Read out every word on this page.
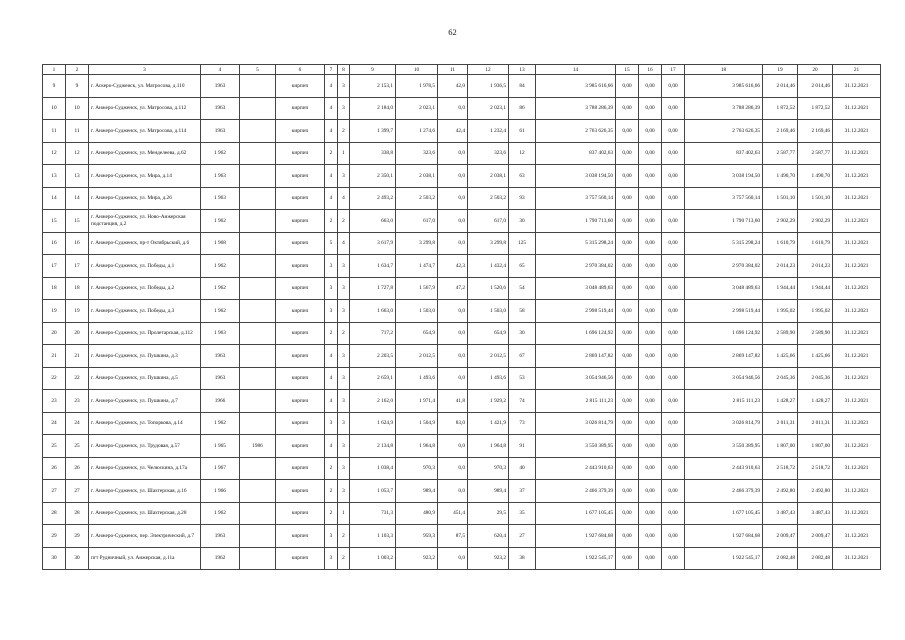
62
1	2	3	4	5	6	7	8	9	10	11	12	13	14	15	16	17	18	19	20	21
9	9	г. Аскеро-Суджеиск, ул. Матросова, д.110	1963		кирпич	4	3	2 153,1	1 978,5	42,0	1 936,5	84	3 985 616,66	0,00	0,00	0,00	3 985 616,66	2 014,46	2 014,46	31.12.2021
10	10	г. Анжеро-Судженск, ул. Матросова, д.112	1963		кирпич	4	3	2 184,0	2 023,1	0,0	2 023,1	86	3 788 286,39	0,00	0,00	0,00	3 788 286,39	1 872,52	1 872,52	31.12.2021
11	11	г. Анжеро-Судженск, ул. Матросова, д.114	1963		кирпич	4	2	1 399,7	1 274,6	42,4	1 232,4	61	2 763 626,35	0,00	0,00	0,00	2 763 626,35	2 169,46	2 169,46	31.12.2021
12	12	г. Анжеро-Судженск, ул. Менделеева, д.62	1 962		кирпич	2	1	338,8	323,6	0,0	323,6	12	837 402,63	0,00	0,00	0,00	837 402,63	2 587,77	2 587,77	31.12.2021
13	13	г. Анжеро-Судженск, ул. Мира, д.14	1 963		кирпич	4	3	2 350,1	2 038,1	0,0	2 038,1	63	3 038 194,50	0,00	0,00	0,00	3 038 194,50	1 490,70	1 490,70	31.12.2021
14	14	г. Анжеро-Судженск, ул. Мира, д.26	1 963		кирпич	4	4	2 493,2	2 503,2	0,0	2 503,2	93	3 757 560,14	0,00	0,00	0,00	3 757 560,14	1 501,10	1 501,10	31.12.2021
15	15	г. Анжеро-Судженск, ул. Ново-Анжерская подстанция, д.2	1 962		кирпич	2	2	663,0	617,0	0,0	617,0	30	1 790 713,60	0,00	0,00	0,00	1 790 713,60	2 902,29	2 902,29	31.12.2021
16	16	г. Анжеро-Судженск, пр-т Октябрьский, д.6	1 968		кирпич	5	4	3 617,9	3 299,8	0,0	3 299,8	125	5 315 298,24	0,00	0,00	0,00	5 315 298,24	1 610,79	1 610,79	31.12.2021
17	17	г. Анжеро-Судженск, ул. Победы, д.1	1 962		кирпич	3	3	1 634,7	1 474,7	42,3	1 432,4	65	2 970 384,02	0,00	0,00	0,00	2 970 384,02	2 014,23	2 014,23	31.12.2021
18	18	г. Анжеро-Судженск, ул. Победы, д.2	1 962		кирпич	3	3	1 727,8	1 567,9	47,2	1 520,6	54	3 048 489,63	0,00	0,00	0,00	3 048 489,63	1 944,44	1 944,44	31.12.2021
19	19	г. Анжеро-Судженск, ул. Победы, д.3	1 962		кирпич	3	3	1 663,0	1 503,0	0,0	1 503,0	58	2 998 519,44	0,00	0,00	0,00	2 998 519,44	1 995,02	1 995,02	31.12.2021
20	20	г. Анжеро-Судженск, ул. Пролетарская, д.112	1 963		кирпич	2	2	717,2	654,9	0,0	654,9	30	1 696 124,92	0,00	0,00	0,00	1 696 124,92	2 589,90	2 589,90	31.12.2021
21	21	г. Анжеро-Судженск, ул. Пушкина, д.3	1963		кирпич	4	3	2 203,5	2 012,5	0,0	2 012,5	67	2 869 147,82	0,00	0,00	0,00	2 869 147,82	1 425,66	1 425,66	31.12.2021
22	22	г. Анжеро-Судженск, ул. Пушкина, д.5	1963		кирпич	4	3	2 659,1	1 493,6	0,0	1 493,6	53	3 054 946,56	0,00	0,00	0,00	3 054 946,56	2 045,36	2 045,36	31.12.2021
23	23	г. Анжеро-Судженск, ул. Пушкина, д.7	1966		кирпич	4	3	2 162,0	1 971,4	41,8	1 929,2	74	2 815 111,23	0,00	0,00	0,00	2 815 111,23	1 428,27	1 428,27	31.12.2021
24	24	г. Анжеро-Судженск, ул. Топоркова, д.14	1 962		кирпич	3	3	1 624,9	1 504,9	83,0	1 421,9	73	3 026 814,79	0,00	0,00	0,00	3 026 814,79	2 011,31	2 011,31	31.12.2021
25	25	г. Анжеро-Судженск, ул. Трудовая, д.57	1 965	1986	кирпич	4	3	2 134,8	1 964,8	0,0	1 964,8	91	3 550 389,95	0,00	0,00	0,00	3 550 389,95	1 807,00	1 807,00	31.12.2021
26	26	г. Анжеро-Судженск, ул. Челюскина, д.17а	1 967		кирпич	2	3	1 038,4	970,3	0,0	970,3	40	2 443 910,63	0,00	0,00	0,00	2 443 910,63	2 518,72	2 518,72	31.12.2021
27	27	г. Анжеро-Судженск, ул. Шахтерская, д.16	1 966		кирпич	2	3	1 053,7	989,4	0,0	989,4	37	2 466 379,39	0,00	0,00	0,00	2 466 379,39	2 492,80	2 492,80	31.12.2021
28	28	г. Анжеро-Судженск, ул. Шахтерская, д.28	1 962		кирпич	2	1	731,3	480,9	451,4	29,5	35	1 677 105,45	0,00	0,00	0,00	1 677 105,45	3 487,43	3 487,43	31.12.2021
29	29	г. Анжеро-Судженск, пер. Электрический, д.7	1963		кирпич	3	2	1 103,3	959,3	87,5	620,4	27	1 927 684,68	0,00	0,00	0,00	1 927 684,68	2 009,47	2 009,47	31.12.2021
30	30	пгт Рудничный, ул. Анжерская, д.11а	1962		кирпич	3	2	1 003,2	923,2	0,0	923,2	38	1 922 545,17	0,00	0,00	0,00	1 922 545,17	2 082,48	2 082,48	31.12.2021
